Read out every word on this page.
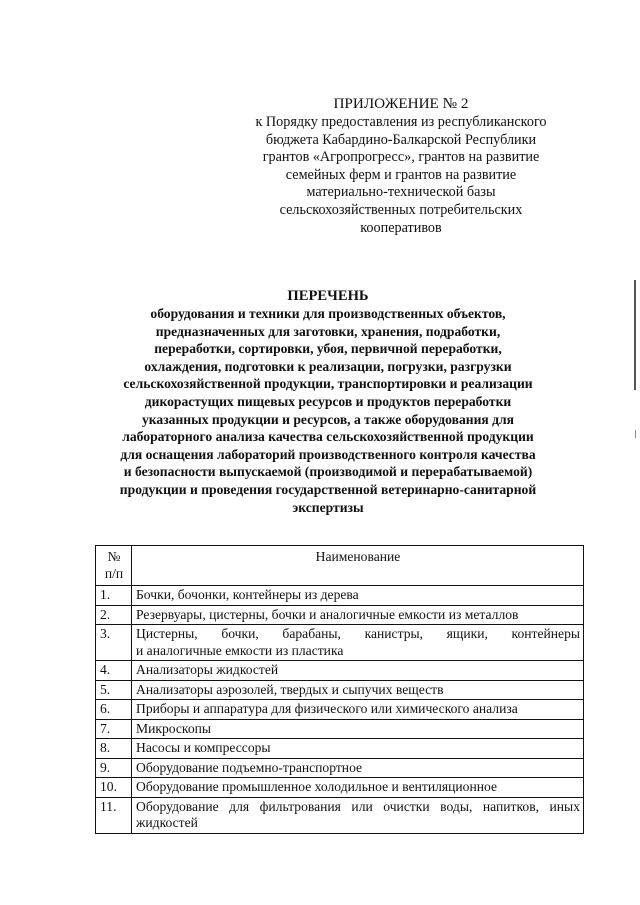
ПРИЛОЖЕНИЕ № 2
к Порядку предоставления из республиканского
бюджета Кабардино-Балкарской Республики
грантов «Агропрогресс», грантов на развитие
семейных ферм и грантов на развитие
материально-технической базы
сельскохозяйственных потребительских
кооперативов
ПЕРЕЧЕНЬ
оборудования и техники для производственных объектов,
предназначенных для заготовки, хранения, подработки,
переработки, сортировки, убоя, первичной переработки,
охлаждения, подготовки к реализации, погрузки, разгрузки
сельскохозяйственной продукции, транспортировки и реализации
дикорастущих пищевых ресурсов и продуктов переработки
указанных продукции и ресурсов, а также оборудования для
лабораторного анализа качества сельскохозяйственной продукции
для оснащения лабораторий производственного контроля качества
и безопасности выпускаемой (производимой и перерабатываемой)
продукции и проведения государственной ветеринарно-санитарной
экспертизы
№
п/п	Наименование
1.	Бочки, бочонки, контейнеры из дерева
2.	Резервуары, цистерны, бочки и аналогичные емкости из металлов
3.	Цистерны, бочки, барабаны, канистры, ящики, контейнеры
и аналогичные емкости из пластика

4.	Анализаторы жидкостей
5.	Анализаторы аэрозолей, твердых и сыпучих веществ
6.	Приборы и аппаратура для физического или химического анализа
7.	Микроскопы
8.	Насосы и компрессоры
9.	Оборудование подъемно-транспортное
10.	Оборудование промышленное холодильное и вентиляционное
11.	Оборудование для фильтрования или очистки воды, напитков, иных
жидкостей
